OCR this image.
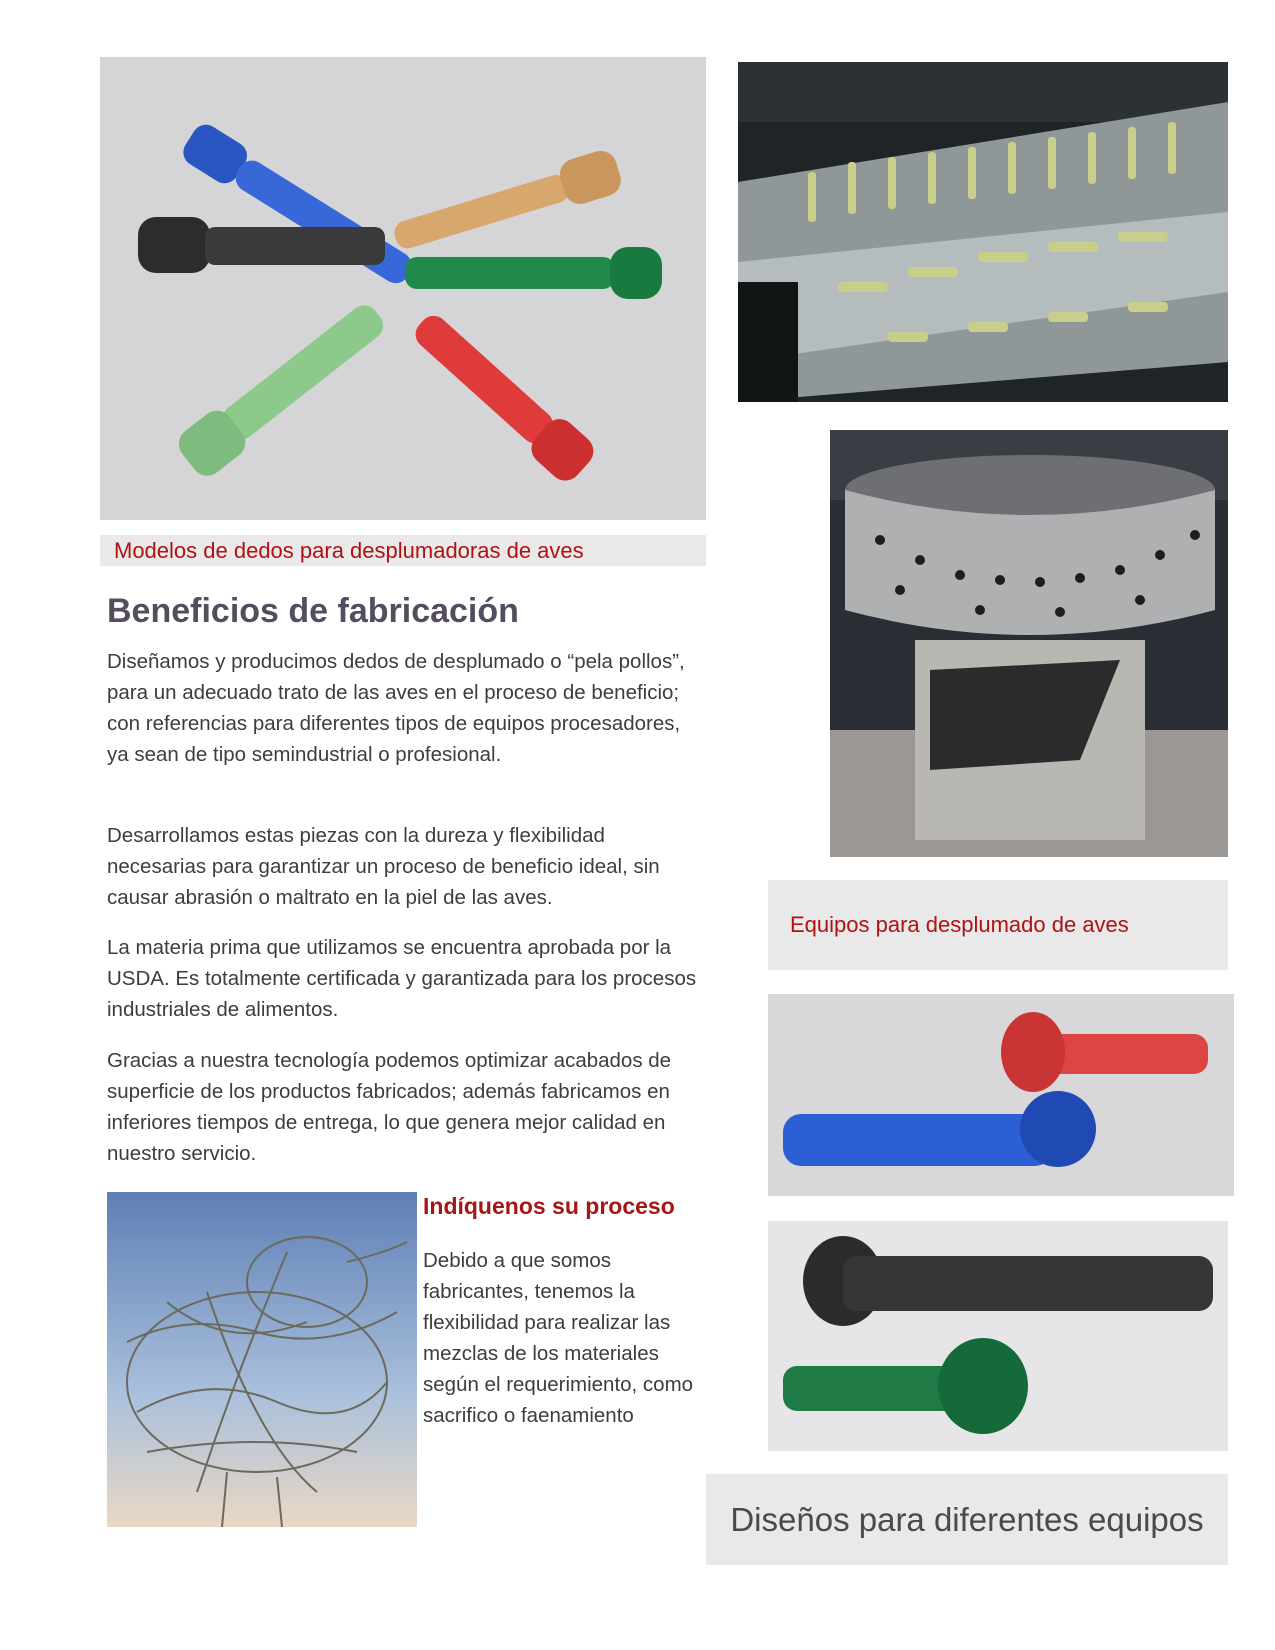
Modelos de dedos para desplumadoras de aves
Beneficios de fabricación

Diseñamos y producimos dedos de desplumado o “pela pollos”, para un adecuado trato de las aves en el proceso de beneficio; con referencias para diferentes tipos de equipos procesadores, ya sean de tipo semindustrial o profesional.

Desarrollamos estas piezas con la dureza y flexibilidad necesarias para garantizar un proceso de beneficio ideal, sin causar abrasión o maltrato en la piel de las aves.

La materia prima que utilizamos se encuentra aprobada por la USDA. Es totalmente certificada y garantizada para los procesos industriales de alimentos.

Gracias a nuestra tecnología podemos optimizar acabados de superficie de los productos fabricados; además fabricamos en inferiores tiempos de entrega, lo que genera mejor calidad en nuestro servicio.

Indíquenos su proceso

Debido a que somos fabricantes, tenemos la flexibilidad para realizar las mezclas de los materiales según el requerimiento, como sacrifico o faenamiento

Equipos para desplumado de aves
Diseños para diferentes equipos
